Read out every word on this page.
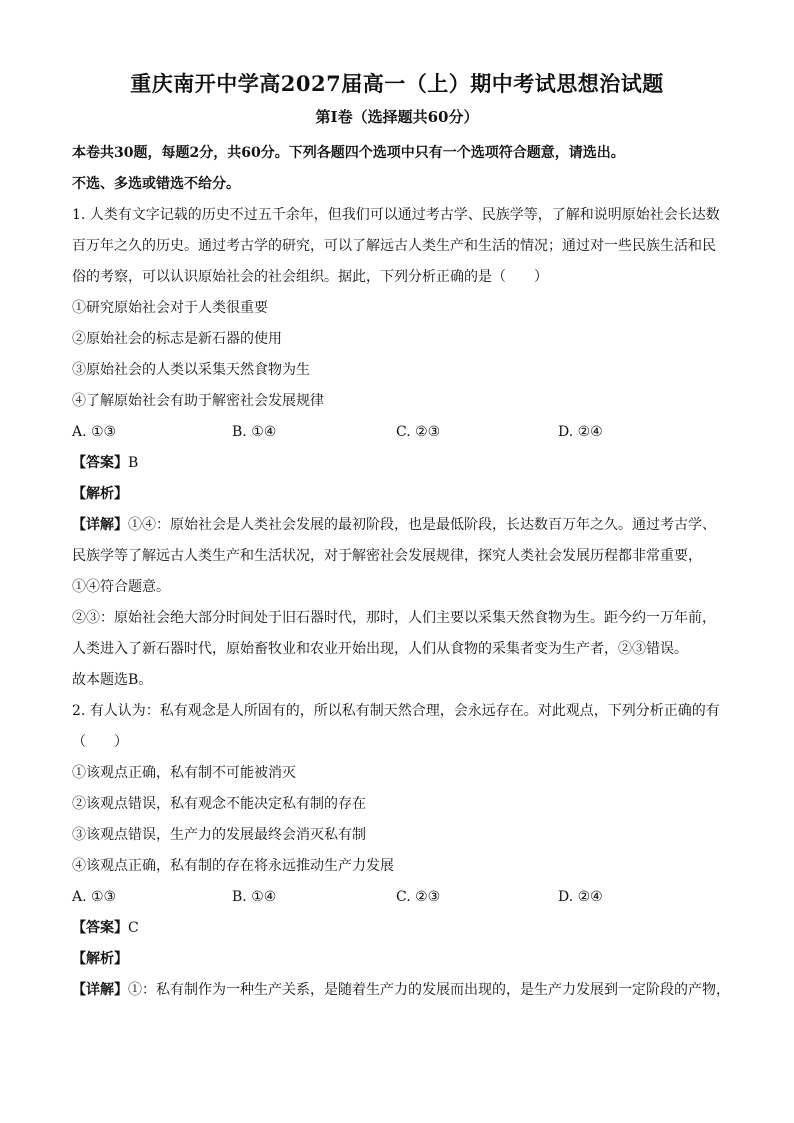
重庆南开中学高2027届高一（上）期中考试思想治试题
第Ⅰ卷（选择题共60分）
本卷共30题，每题2分，共60分。下列各题四个选项中只有一个选项符合题意，请选出。
不选、多选或错选不给分。
1. 人类有文字记载的历史不过五千余年，但我们可以通过考古学、民族学等，了解和说明原始社会长达数
百万年之久的历史。通过考古学的研究，可以了解远古人类生产和生活的情况；通过对一些民族生活和民
俗的考察，可以认识原始社会的社会组织。据此，下列分析正确的是（　　）
①研究原始社会对于人类很重要
②原始社会的标志是新石器的使用
③原始社会的人类以采集天然食物为生
④了解原始社会有助于解密社会发展规律
A. ①③	B. ①④	C. ②③	D. ②④
【答案】B
【解析】
【详解】①④：原始社会是人类社会发展的最初阶段，也是最低阶段，长达数百万年之久。通过考古学、
民族学等了解远古人类生产和生活状况，对于解密社会发展规律，探究人类社会发展历程都非常重要，
①④符合题意。
②③：原始社会绝大部分时间处于旧石器时代，那时，人们主要以采集天然食物为生。距今约一万年前，
人类进入了新石器时代，原始畜牧业和农业开始出现，人们从食物的采集者变为生产者，②③错误。
故本题选B。
2. 有人认为：私有观念是人所固有的，所以私有制天然合理，会永远存在。对此观点，下列分析正确的有
（　　）
①该观点正确，私有制不可能被消灭
②该观点错误，私有观念不能决定私有制的存在
③该观点错误，生产力的发展最终会消灭私有制
④该观点正确，私有制的存在将永远推动生产力发展
A. ①③	B. ①④	C. ②③	D. ②④
【答案】C
【解析】
【详解】①：私有制作为一种生产关系，是随着生产力的发展而出现的，是生产力发展到一定阶段的产物，
